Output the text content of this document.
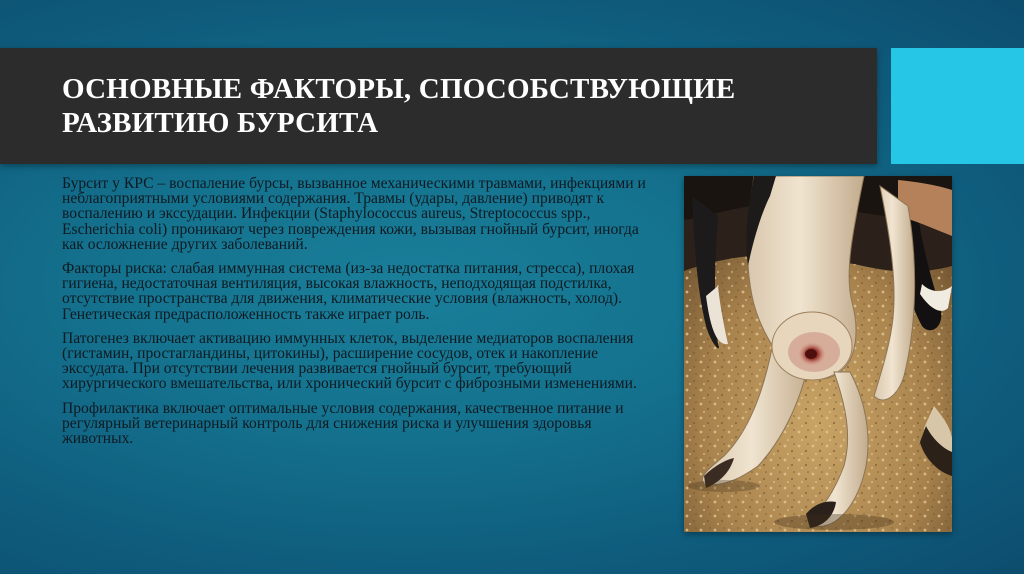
ОСНОВНЫЕ ФАКТОРЫ, СПОСОБСТВУЮЩИЕ
РАЗВИТИЮ БУРСИТА

Бурсит у КРС – воспаление бурсы, вызванное механическими травмами, инфекциями и неблагоприятными условиями содержания. Травмы (удары, давление) приводят к воспалению и экссудации. Инфекции (Staphylococcus aureus, Streptococcus spp., Escherichia coli) проникают через повреждения кожи, вызывая гнойный бурсит, иногда как осложнение других заболеваний.

Факторы риска: слабая иммунная система (из-за недостатка питания, стресса), плохая гигиена, недостаточная вентиляция, высокая влажность, неподходящая подстилка, отсутствие пространства для движения, климатические условия (влажность, холод). Генетическая предрасположенность также играет роль.

Патогенез включает активацию иммунных клеток, выделение медиаторов воспаления (гистамин, простагландины, цитокины), расширение сосудов, отек и накопление экссудата. При отсутствии лечения развивается гнойный бурсит, требующий хирургического вмешательства, или хронический бурсит с фиброзными изменениями.

Профилактика включает оптимальные условия содержания, качественное питание и регулярный ветеринарный контроль для снижения риска и улучшения здоровья животных.
